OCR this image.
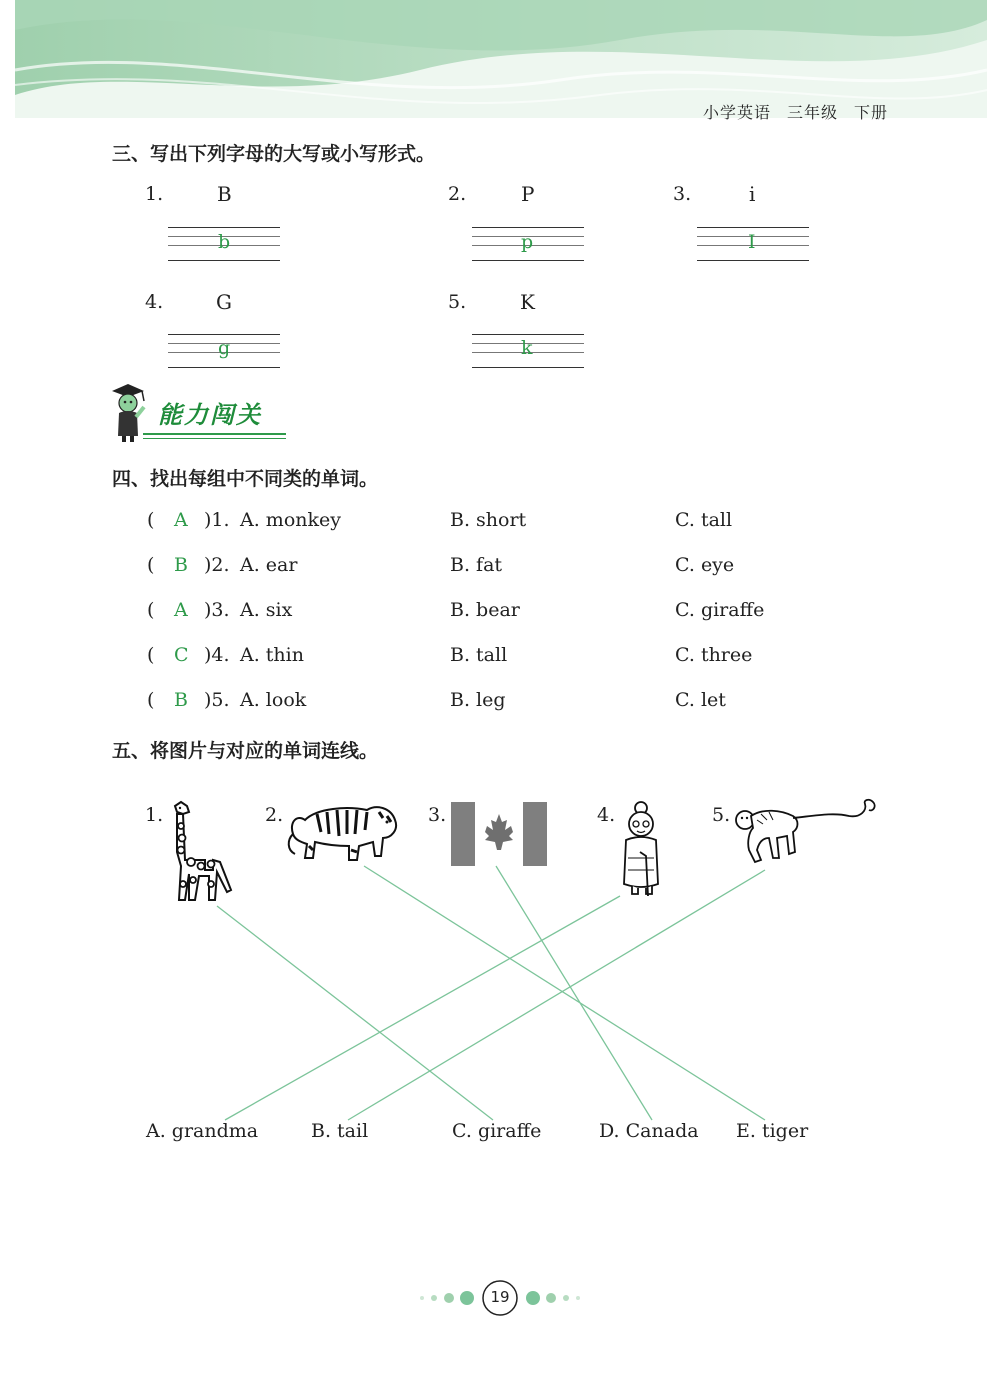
小学英语 三年级 下册
三、写出下列字母的大写或小写形式。
1.	B
b
2.	P
p
3.	i
I
4.	G
g
5.	K
k
能力闯关
四、找出每组中不同类的单词。
( A )1. A. monkey	B. short	C. tall
( B )2. A. ear	B. fat	C. eye
( A )3. A. six	B. bear	C. giraffe
( C )4. A. thin	B. tall	C. three
( B )5. A. look	B. leg	C. let
五、将图片与对应的单词连线。
1.	2.	3.	4.	5.
A. grandma	B. tail	C. giraffe	D. Canada E. tiger
19
